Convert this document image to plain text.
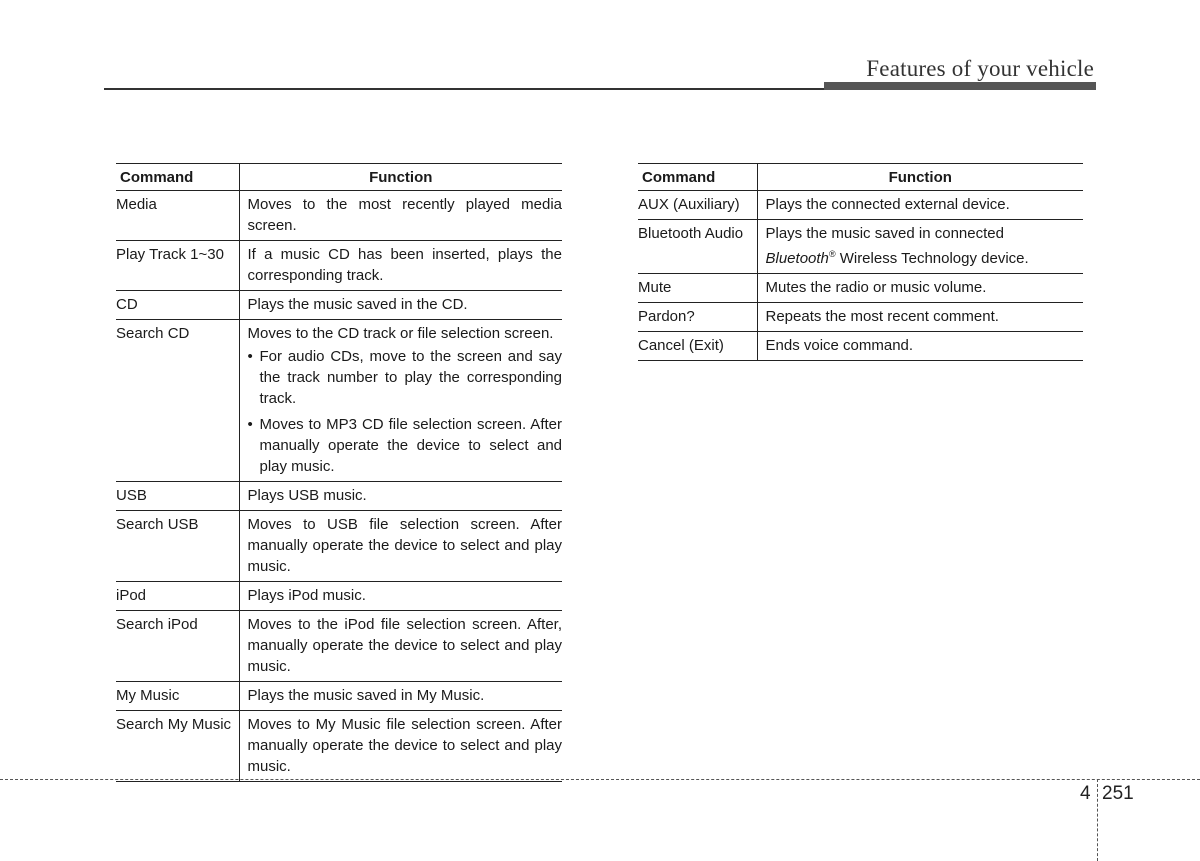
Features of your vehicle
Command	Function
Media	Moves to the most recently played media screen.
Play Track 1~30	If a music CD has been inserted, plays the corresponding track.
CD	Plays the music saved in the CD.
Search CD	Moves to the CD track or file selection screen.
• For audio CDs, move to the screen and say the track number to play the corresponding track.
• Moves to MP3 CD file selection screen. After manually operate the device to select and play music.

USB	Plays USB music.
Search USB	Moves to USB file selection screen. After manually operate the device to select and play music.
iPod	Plays iPod music.
Search iPod	Moves to the iPod file selection screen. After, manually operate the device to select and play music.
My Music	Plays the music saved in My Music.
Search My Music	Moves to My Music file selection screen. After manually operate the device to select and play music.
Command	Function
AUX (Auxiliary)	Plays the connected external device.
Bluetooth Audio	Plays the music saved in connected
Bluetooth® Wireless Technology device.
Mute	Mutes the radio or music volume.
Pardon?	Repeats the most recent comment.
Cancel (Exit)	Ends voice command.
4 251
